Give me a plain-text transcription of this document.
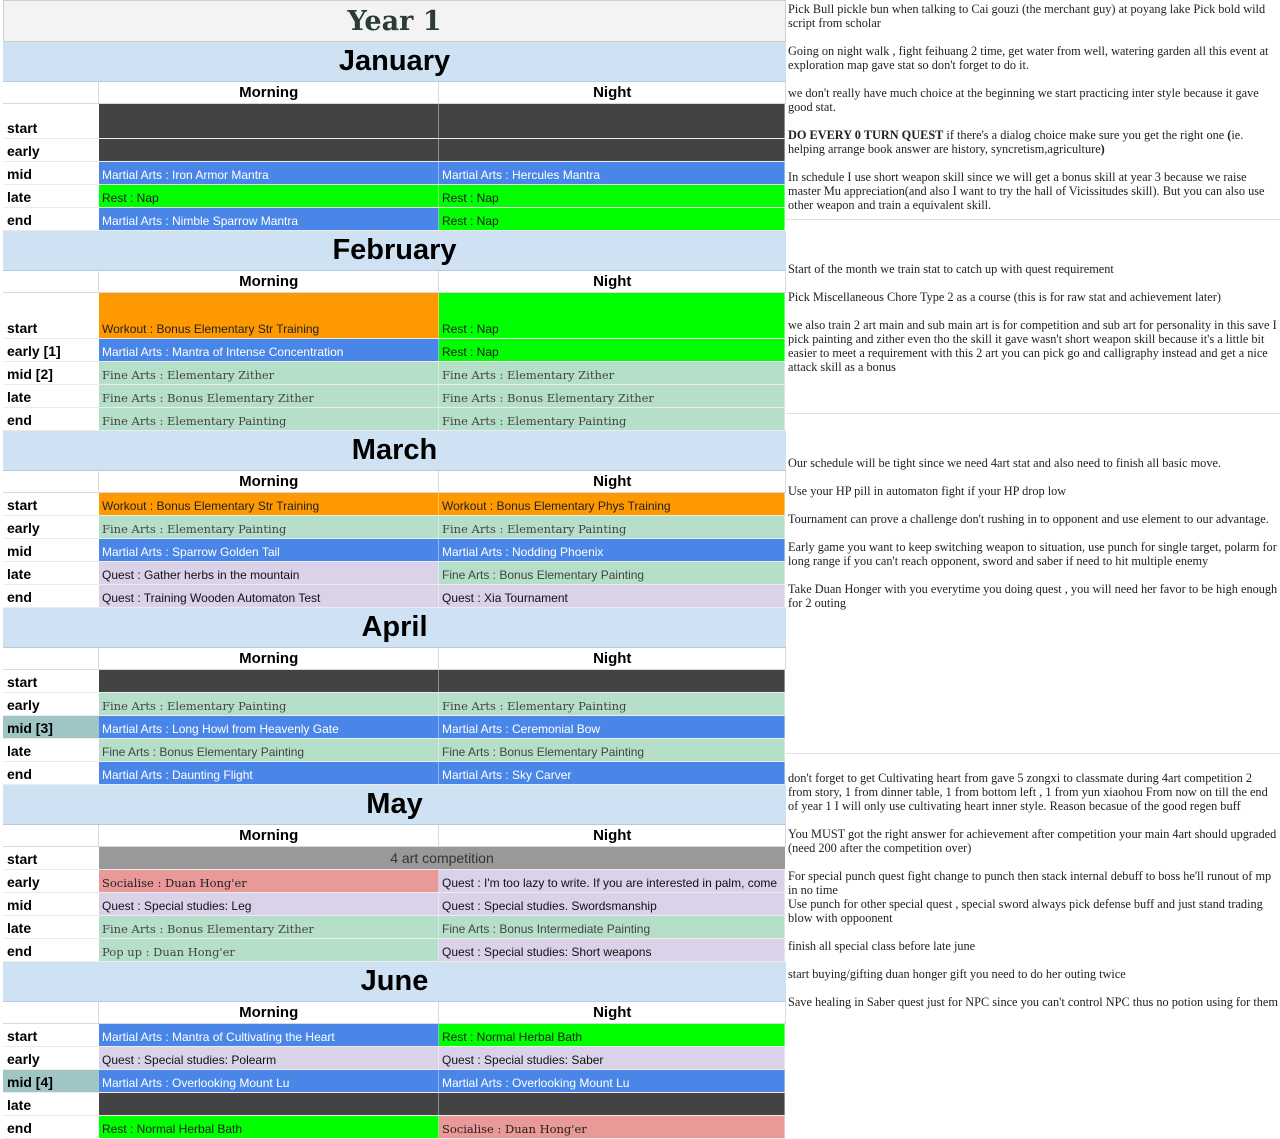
Year 1
January
Morning	Night
start
early
mid	Martial Arts : Iron Armor Mantra	Martial Arts : Hercules Mantra
late	Rest : Nap	Rest : Nap
end	Martial Arts : Nimble Sparrow Mantra	Rest : Nap
February
Morning	Night
start	Workout : Bonus Elementary Str Training	Rest : Nap
early [1]	Martial Arts : Mantra of Intense Concentration	Rest : Nap
mid [2]	Fine Arts : Elementary Zither	Fine Arts : Elementary Zither
late	Fine Arts : Bonus Elementary Zither	Fine Arts : Bonus Elementary Zither
end	Fine Arts : Elementary Painting	Fine Arts : Elementary Painting
March
Morning	Night
start	Workout : Bonus Elementary Str Training	Workout : Bonus Elementary Phys Training
early	Fine Arts : Elementary Painting	Fine Arts : Elementary Painting
mid	Martial Arts : Sparrow Golden Tail	Martial Arts : Nodding Phoenix
late	Quest : Gather herbs in the mountain	Fine Arts : Bonus Elementary Painting
end	Quest : Training Wooden Automaton Test	Quest : Xia Tournament
April
Morning	Night
start
early	Fine Arts : Elementary Painting	Fine Arts : Elementary Painting
mid [3]	Martial Arts : Long Howl from Heavenly Gate	Martial Arts : Ceremonial Bow
late	Fine Arts : Bonus Elementary Painting	Fine Arts : Bonus Elementary Painting
end	Martial Arts : Daunting Flight	Martial Arts : Sky Carver
May
Morning	Night
start	4 art competition
early	Socialise : Duan Hong'er	Quest : I'm too lazy to write. If you are interested in palm, come
mid	Quest : Special studies: Leg	Quest : Special studies. Swordsmanship
late	Fine Arts : Bonus Elementary Zither	Fine Arts : Bonus Intermediate Painting
end	Pop up : Duan Hong'er	Quest : Special studies: Short weapons
June
Morning	Night
start	Martial Arts : Mantra of Cultivating the Heart	Rest : Normal Herbal Bath
early	Quest : Special studies: Polearm	Quest : Special studies: Saber
mid [4]	Martial Arts : Overlooking Mount Lu	Martial Arts : Overlooking Mount Lu
late
end	Rest : Normal Herbal Bath	Socialise : Duan Hong'er

Pick Bull pickle bun when talking to Cai gouzi (the merchant guy) at poyang lake Pick bold wild script from scholar

Going on night walk , fight feihuang 2 time, get water from well, watering garden all this event at exploration map gave stat so don't forget to do it.

we don't really have much choice at the beginning we start practicing inter style because it gave good stat.

DO EVERY 0 TURN QUEST if there's a dialog choice make sure you get the right one (ie. helping arrange book answer are history, syncretism,agriculture)

In schedule I use short weapon skill since we will get a bonus skill at year 3 because we raise master Mu appreciation(and also I want to try the hall of Vicissitudes skill). But you can also use other weapon and train a equivalent skill.

Start of the month we train stat to catch up with quest requirement

Pick Miscellaneous Chore Type 2 as a course (this is for raw stat and achievement later)

we also train 2 art main and sub main art is for competition and sub art for personality in this save I pick painting and zither even tho the skill it gave wasn't short weapon skill because it's a little bit easier to meet a requirement with this 2 art you can pick go and calligraphy instead and get a nice attack skill as a bonus

Our schedule will be tight since we need 4art stat and also need to finish all basic move.

Use your HP pill in automaton fight if your HP drop low

Tournament can prove a challenge don't rushing in to opponent and use element to our advantage.

Early game you want to keep switching weapon to situation, use punch for single target, polarm for long range if you can't reach opponent, sword and saber if need to hit multiple enemy

Take Duan Honger with you everytime you doing quest , you will need her favor to be high enough for 2 outing

don't forget to get Cultivating heart from gave 5 zongxi to classmate during 4art competition 2 from story, 1 from dinner table, 1 from bottom left , 1 from yun xiaohou From now on till the end of year 1 I will only use cultivating heart inner style. Reason becasue of the good regen buff

You MUST got the right answer for achievement after competition your main 4art should upgraded (need 200 after the competition over)

For special punch quest fight change to punch then stack internal debuff to boss he'll runout of mp in no time

Use punch for other special quest , special sword always pick defense buff and just stand trading blow with oppoonent

finish all special class before late june

start buying/gifting duan honger gift you need to do her outing twice

Save healing in Saber quest just for NPC since you can't control NPC thus no potion using for them
